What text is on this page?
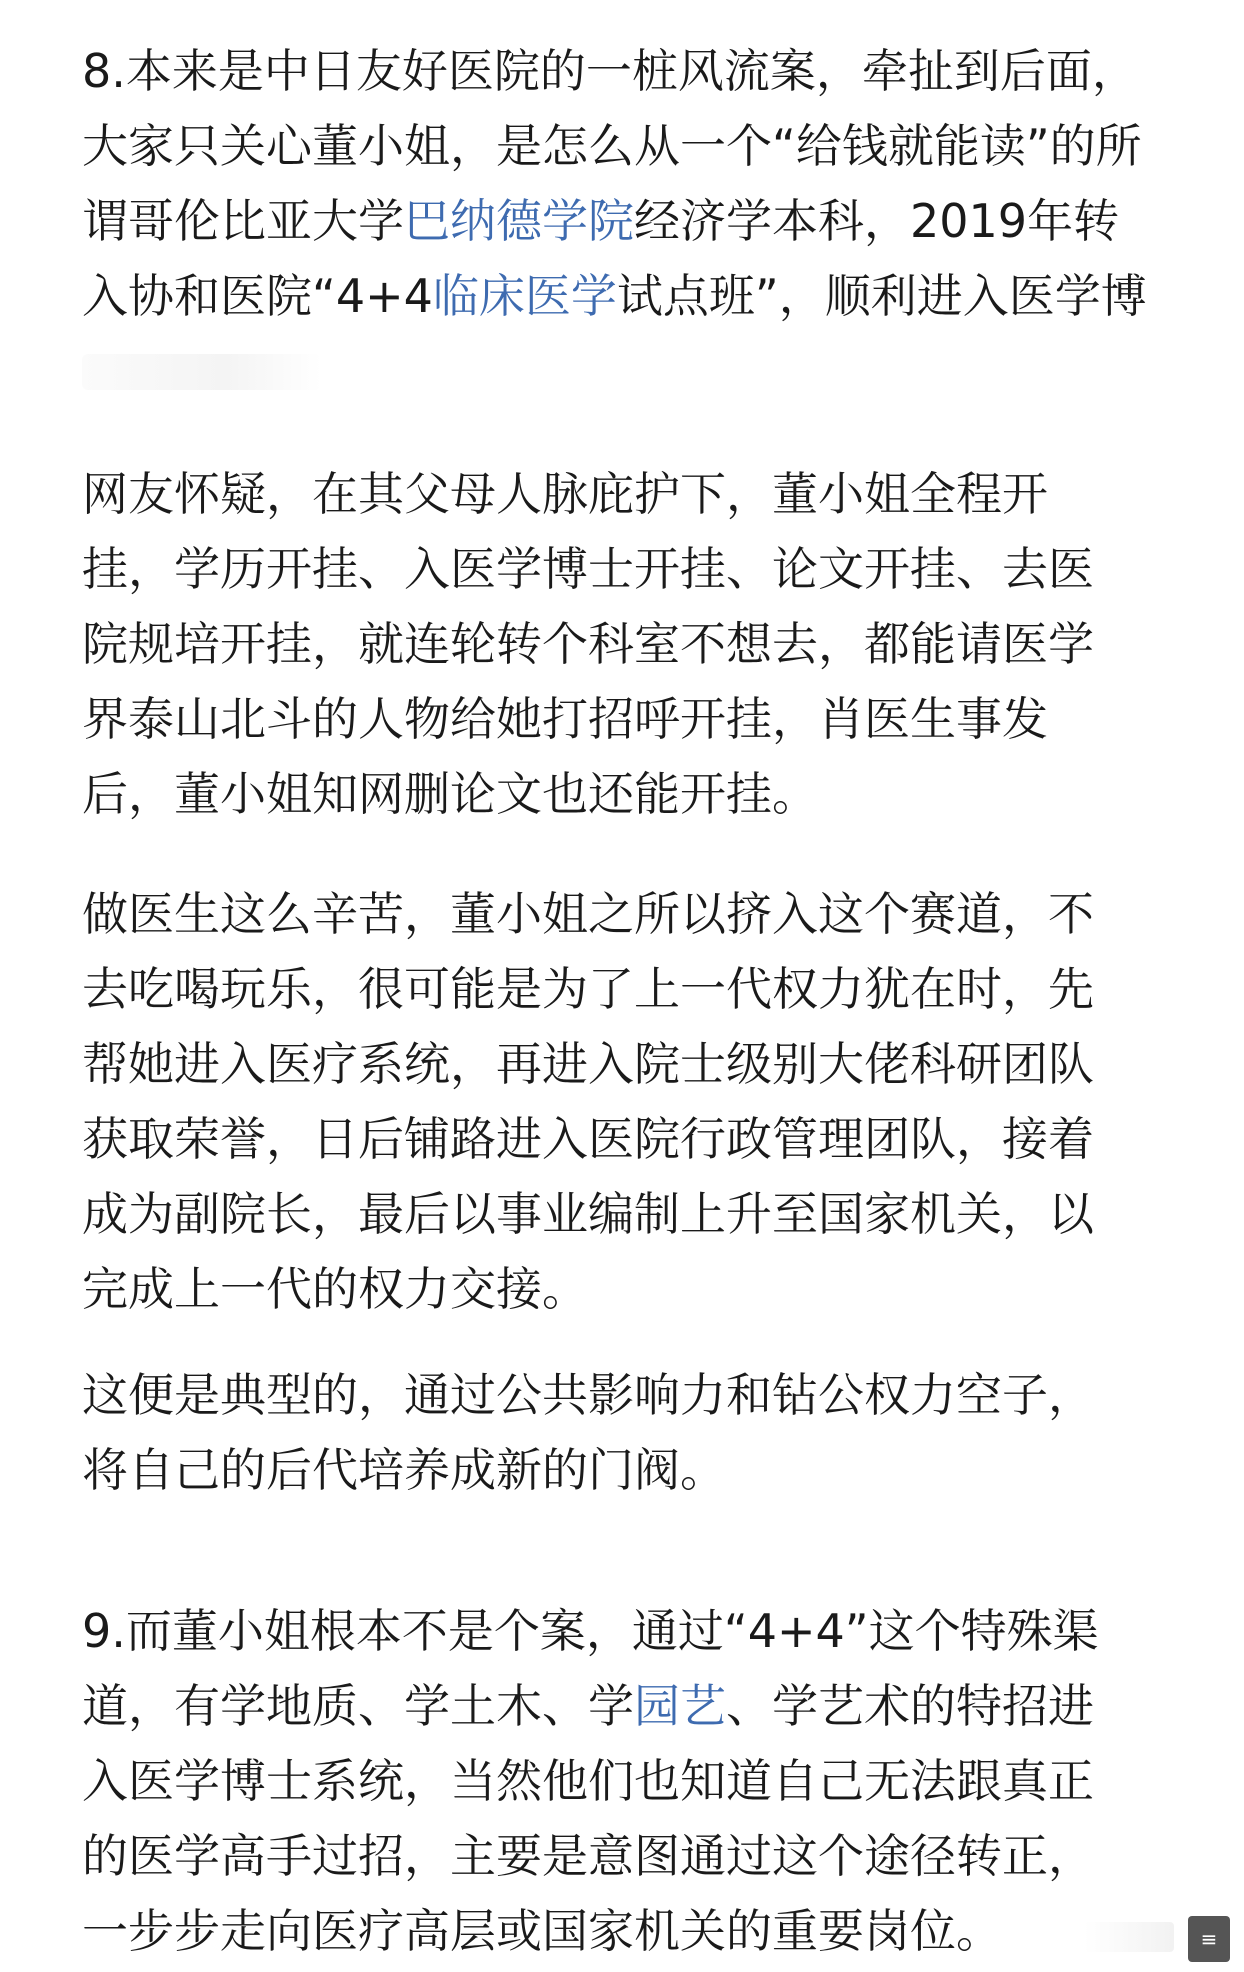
8.本来是中日友好医院的一桩风流案，牵扯到后面，
大家只关心董小姐，是怎么从一个“给钱就能读”的所
谓哥伦比亚大学巴纳德学院经济学本科，2019年转
入协和医院“4+4临床医学试点班”，顺利进入医学博
网友怀疑，在其父母人脉庇护下，董小姐全程开
挂，学历开挂、入医学博士开挂、论文开挂、去医
院规培开挂，就连轮转个科室不想去，都能请医学
界泰山北斗的人物给她打招呼开挂，肖医生事发
后，董小姐知网删论文也还能开挂。
做医生这么辛苦，董小姐之所以挤入这个赛道，不
去吃喝玩乐，很可能是为了上一代权力犹在时，先
帮她进入医疗系统，再进入院士级别大佬科研团队
获取荣誉，日后铺路进入医院行政管理团队，接着
成为副院长，最后以事业编制上升至国家机关，以
完成上一代的权力交接。
这便是典型的，通过公共影响力和钻公权力空子，
将自己的后代培养成新的门阀。
9.而董小姐根本不是个案，通过“4+4”这个特殊渠
道，有学地质、学土木、学园艺、学艺术的特招进
入医学博士系统，当然他们也知道自己无法跟真正
的医学高手过招，主要是意图通过这个途径转正，
一步步走向医疗高层或国家机关的重要岗位。	≡
